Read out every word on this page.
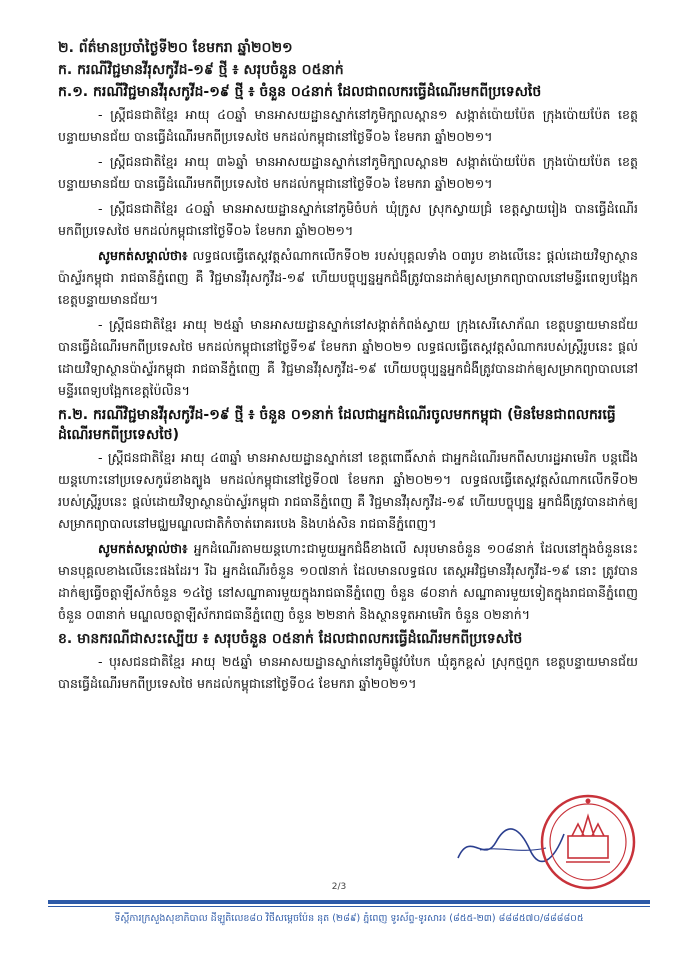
២. ព័ត៌មានប្រចាំថ្ងៃទី២០ ខែមករា ឆ្នាំ២០២១
ក. ករណីវិជ្ជមានវីរុសកូវីដ-១៩ ថ្មី ៖ សរុបចំនួន ០៥នាក់
ក.១. ករណីវិជ្ជមានវីរុសកូវីដ-១៩ ថ្មី ៖ ចំនួន ០៤នាក់ ដែលជាពលករធ្វើដំណើរមកពីប្រទេសថៃ

- ស្ត្រីជនជាតិខ្មែរ អាយុ ៤០ឆ្នាំ មានអាសយដ្ឋានស្នាក់នៅភូមិក្បាលស្ពាន១ សង្កាត់ប៉ោយប៉ែត ក្រុងប៉ោយប៉ែត ខេត្តបន្ទាយមានជ័យ បានធ្វើដំណើរមកពីប្រទេសថៃ មកដល់កម្ពុជានៅថ្ងៃទី០៦ ខែមករា ឆ្នាំ២០២១។

- ស្ត្រីជនជាតិខ្មែរ អាយុ ៣៦ឆ្នាំ មានអាសយដ្ឋានស្នាក់នៅភូមិក្បាលស្ពាន២ សង្កាត់ប៉ោយប៉ែត ក្រុងប៉ោយប៉ែត ខេត្តបន្ទាយមានជ័យ បានធ្វើដំណើរមកពីប្រទេសថៃ មកដល់កម្ពុជានៅថ្ងៃទី០៦ ខែមករា ឆ្នាំ២០២១។

- ស្ត្រីជនជាតិខ្មែរ ៤០ឆ្នាំ មានអាសយដ្ឋានស្នាក់នៅភូមិចំបក់ ឃុំក្រូស ស្រុកស្វាយជ្រំ ខេត្តស្វាយរៀង បានធ្វើដំណើរមកពីប្រទេសថៃ មកដល់កម្ពុជានៅថ្ងៃទី០៦ ខែមករា ឆ្នាំ២០២១។

សូមកត់សម្គាល់ថា៖ លទ្ធផលធ្វើតេស្តវត្តសំណាកលើកទី០២ របស់បុគ្គលទាំង ០៣រូប ខាងលើនេះ ផ្តល់ដោយវិទ្យាស្ថានប៉ាស្ទ័រកម្ពុជា រាជធានីភ្នំពេញ គឺ វិជ្ជមានវីរុសកូវីដ-១៩ ហើយបច្ចុប្បន្នអ្នកជំងឺត្រូវបានដាក់ឲ្យសម្រាកព្យាបាលនៅមន្ទីរពេទ្យបង្អែកខេត្តបន្ទាយមានជ័យ។

- ស្ត្រីជនជាតិខ្មែរ អាយុ ២៥ឆ្នាំ មានអាសយដ្ឋានស្នាក់នៅសង្កាត់កំពង់ស្វាយ ក្រុងសេរីសោភ័ណ ខេត្តបន្ទាយមានជ័យ បានធ្វើដំណើរមកពីប្រទេសថៃ មកដល់កម្ពុជានៅថ្ងៃទី១៩ ខែមករា ឆ្នាំ២០២១ លទ្ធផលធ្វើតេស្តវត្តសំណាករបស់ស្ត្រីរូបនេះ ផ្តល់ដោយវិទ្យាស្ថានប៉ាស្ទ័រកម្ពុជា រាជធានីភ្នំពេញ គឺ វិជ្ជមានវីរុសកូវីដ-១៩ ហើយបច្ចុប្បន្នអ្នកជំងឺត្រូវបានដាក់ឲ្យសម្រាកព្យាបាលនៅមន្ទីរពេទ្យបង្អែកខេត្តប៉ៃលិន។

ក.២. ករណីវិជ្ជមានវីរុសកូវីដ-១៩ ថ្មី ៖ ចំនួន ០១នាក់ ដែលជាអ្នកដំណើរចូលមកកម្ពុជា (មិនមែនជាពលករធ្វើដំណើរមកពីប្រទេសថៃ)

- ស្ត្រីជនជាតិខ្មែរ អាយុ ៤៣ឆ្នាំ មានអាសយដ្ឋានស្នាក់នៅ ខេត្តពោធិ៍សាត់ ជាអ្នកដំណើរមកពីសហរដ្ឋអាមេរិក បន្តជើងយន្តហោះនៅប្រទេសកូរ៉េខាងត្បូង មកដល់កម្ពុជានៅថ្ងៃទី០៧ ខែមករា ឆ្នាំ២០២១។ លទ្ធផលធ្វើតេស្តវត្តសំណាកលើកទី០២ របស់ស្ត្រីរូបនេះ ផ្តល់ដោយវិទ្យាស្ថានប៉ាស្ទ័រកម្ពុជា រាជធានីភ្នំពេញ គឺ វិជ្ជមានវីរុសកូវីដ-១៩ ហើយបច្ចុប្បន្ន អ្នកជំងឺត្រូវបានដាក់ឲ្យសម្រាកព្យាបាលនៅមជ្ឈមណ្ឌលជាតិកំចាត់រោគរបេង និងហង់សិន រាជធានីភ្នំពេញ។

សូមកត់សម្គាល់ថា៖ អ្នកដំណើរតាមយន្តហោះជាមួយអ្នកជំងឺខាងលើ សរុបមានចំនួន ១០៨នាក់ ដែលនៅក្នុងចំនួននេះ មានបុគ្គលខាងលើនេះផងដែរ។ រីឯ អ្នកដំណើរចំនួន ១០៧នាក់ ដែលមានលទ្ធផល តេស្តអវិជ្ជមានវីរុសកូវីដ-១៩ នោះ ត្រូវបានដាក់ឲ្យធ្វើចត្តាឡីស័កចំនួន ១៤ថ្ងៃ នៅសណ្ឋាគារមួយក្នុងរាជធានីភ្នំពេញ ចំនួន ៨០នាក់ សណ្ឋាគារមួយទៀតក្នុងរាជធានីភ្នំពេញ ចំនួន ០៣នាក់ មណ្ឌលចត្តាឡីស័ករាជធានីភ្នំពេញ ចំនួន ២២នាក់ និងស្ថានទូតអាមេរិក ចំនួន ០២នាក់។

ខ. មានករណីជាសះស្បើយ ៖ សរុបចំនួន ០៥នាក់ ដែលជាពលករធ្វើដំណើរមកពីប្រទេសថៃ

- បុរសជនជាតិខ្មែរ អាយុ ២៥ឆ្នាំ មានអាសយដ្ឋានស្នាក់នៅភូមិផ្លូវបំបែក ឃុំគូកខ្ពស់ ស្រុកថ្មពួក ខេត្តបន្ទាយមានជ័យ បានធ្វើដំណើរមកពីប្រទេសថៃ មកដល់កម្ពុជានៅថ្ងៃទី០៤ ខែមករា ឆ្នាំ២០២១។

2/3
ទីស្តីការក្រសួងសុខាភិបាល ដីឡូតិលេខ៨០ វិថីសម្តេចប៉ែន នុត (២៨៩) ភ្នំពេញ ទូរស័ព្ទ-ទូរសារ៖ (៨៥៥-២៣) ៨៨៨៥៧០/៨៨៨៨០៥
